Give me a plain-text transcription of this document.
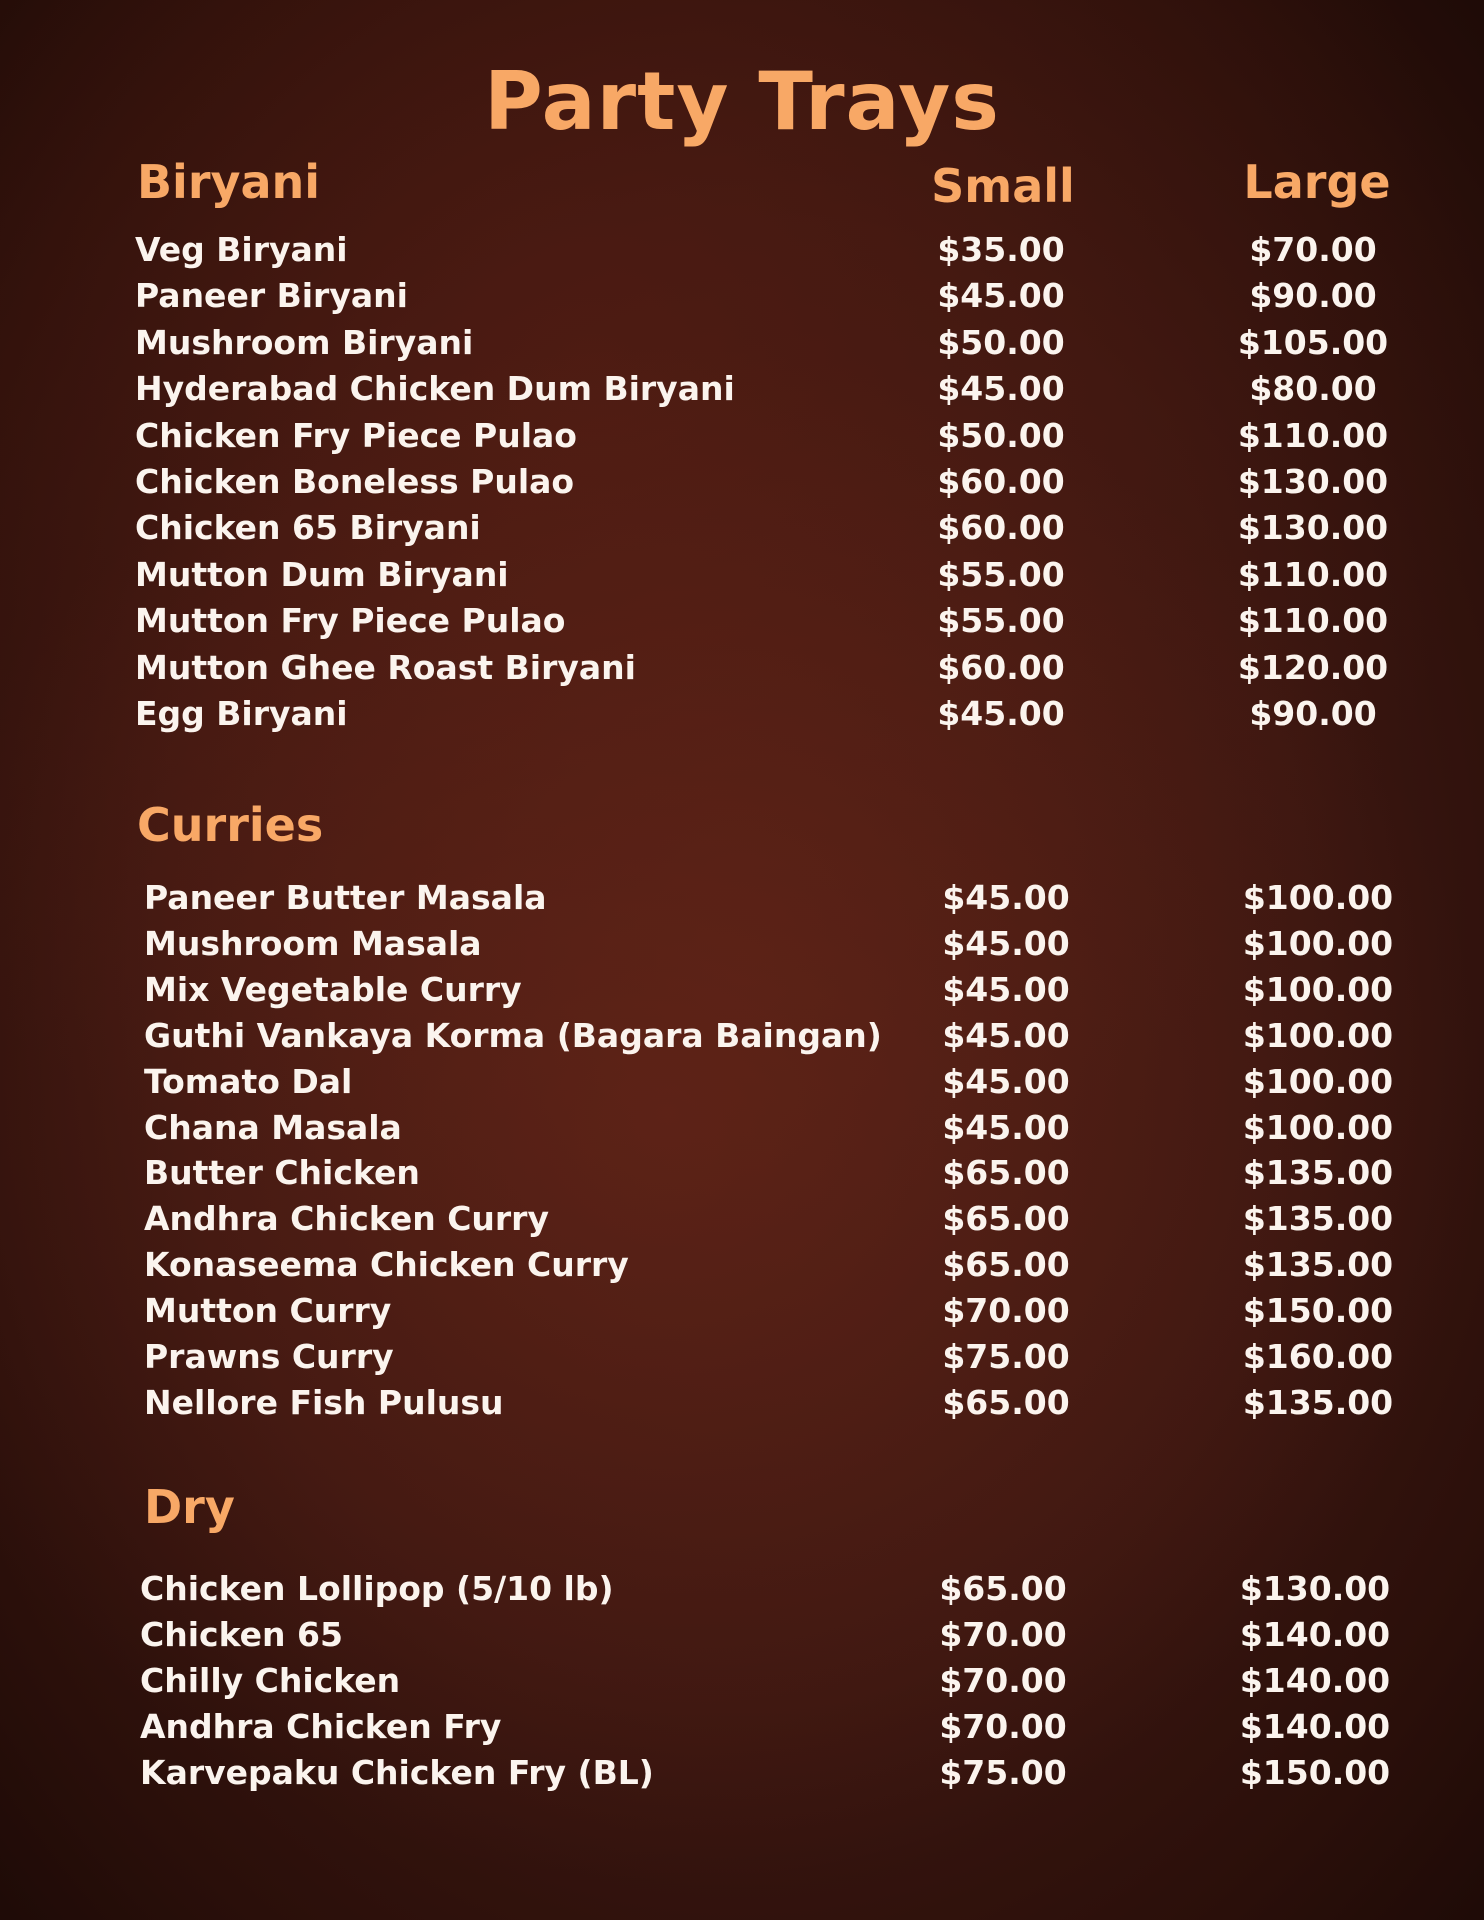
Party Trays
Biryani	Small	Large
Veg Biryani	$35.00	$70.00
Paneer Biryani	$45.00	$90.00
Mushroom Biryani	$50.00	$105.00
Hyderabad Chicken Dum Biryani	$45.00	$80.00
Chicken Fry Piece Pulao	$50.00	$110.00
Chicken Boneless Pulao	$60.00	$130.00
Chicken 65 Biryani	$60.00	$130.00
Mutton Dum Biryani	$55.00	$110.00
Mutton Fry Piece Pulao	$55.00	$110.00
Mutton Ghee Roast Biryani	$60.00	$120.00
Egg Biryani	$45.00	$90.00
Curries
Paneer Butter Masala	$45.00	$100.00
Mushroom Masala	$45.00	$100.00
Mix Vegetable Curry	$45.00	$100.00
Guthi Vankaya Korma (Bagara Baingan)	$45.00	$100.00
Tomato Dal	$45.00	$100.00
Chana Masala	$45.00	$100.00
Butter Chicken	$65.00	$135.00
Andhra Chicken Curry	$65.00	$135.00
Konaseema Chicken Curry	$65.00	$135.00
Mutton Curry	$70.00	$150.00
Prawns Curry	$75.00	$160.00
Nellore Fish Pulusu	$65.00	$135.00
Dry
Chicken Lollipop (5/10 lb)	$65.00	$130.00
Chicken 65	$70.00	$140.00
Chilly Chicken	$70.00	$140.00
Andhra Chicken Fry	$70.00	$140.00
Karvepaku Chicken Fry (BL)	$75.00	$150.00
